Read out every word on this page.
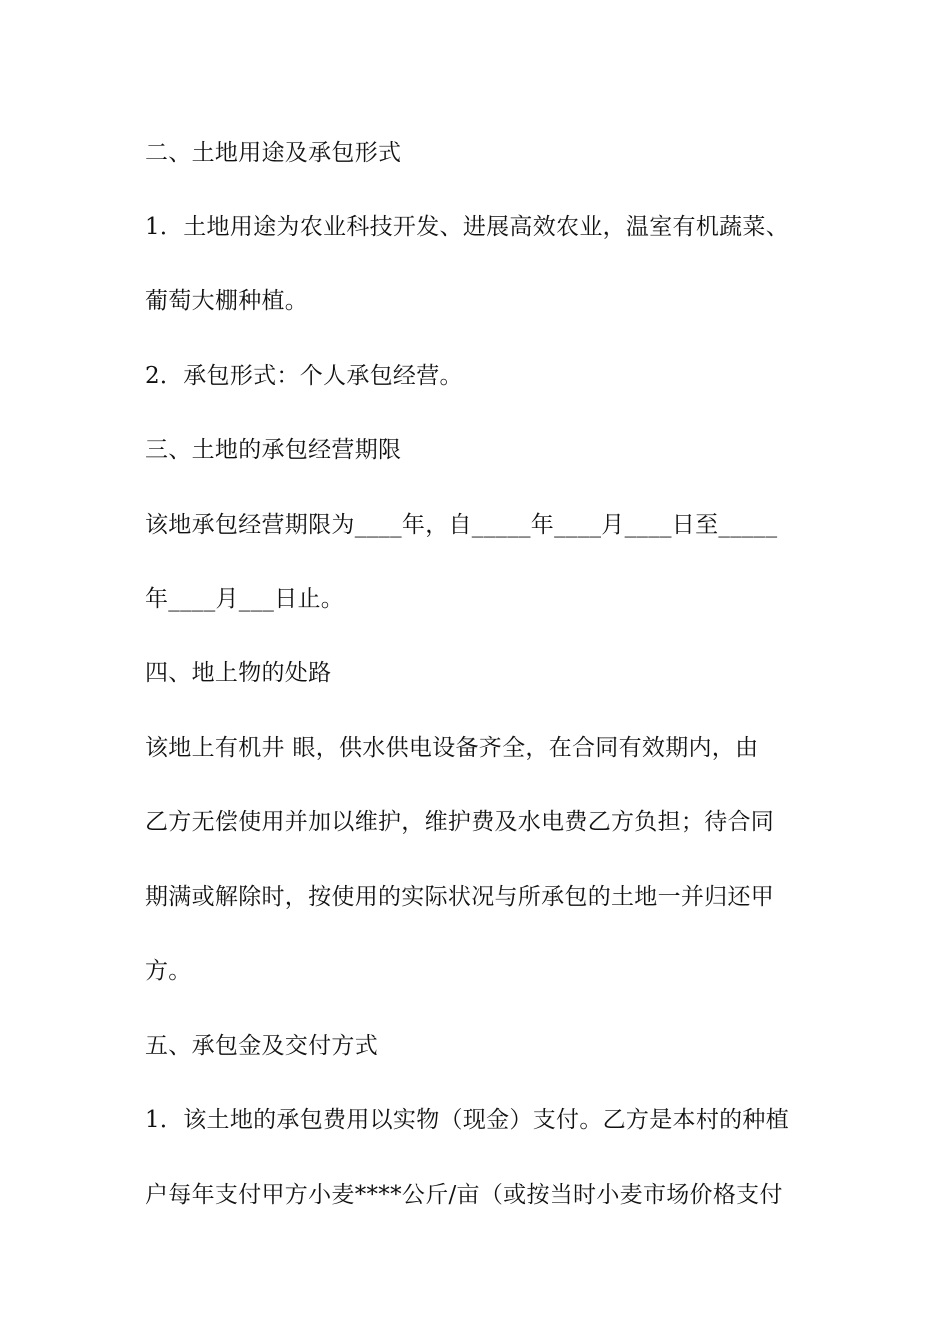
二、土地用途及承包形式
1．土地用途为农业科技开发、进展高效农业，温室有机蔬菜、
葡萄大棚种植。
2．承包形式：个人承包经营。
三、土地的承包经营期限
该地承包经营期限为____年，自_____年____月____日至_____
年____月___日止。
四、地上物的处路
该地上有机井 眼，供水供电设备齐全，在合同有效期内，由
乙方无偿使用并加以维护，维护费及水电费乙方负担；待合同
期满或解除时，按使用的实际状况与所承包的土地一并归还甲
方。
五、承包金及交付方式
1．该土地的承包费用以实物（现金）支付。乙方是本村的种植
户每年支付甲方小麦****公斤/亩（或按当时小麦市场价格支付
